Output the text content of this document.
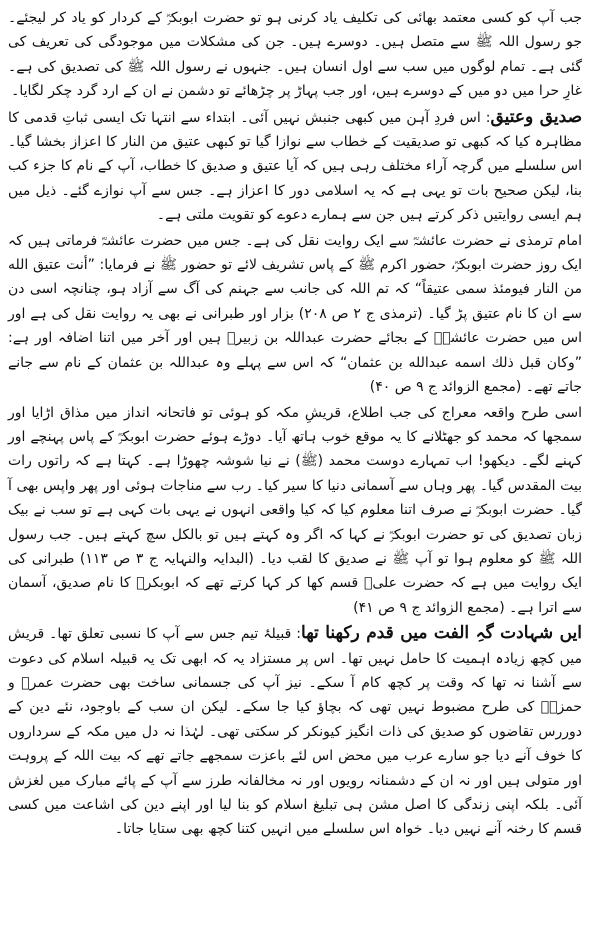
جب آپ کو کسی معتمد بھائی کی تکلیف یاد کرنی ہو تو حضرت ابوبکرؓ کے کردار کو یاد کر لیجئے۔ جو رسول اللہ ﷺ سے متصل ہیں۔ دوسرے ہیں۔ جن کی مشکلات میں موجودگی کی تعریف کی گئی ہے۔ تمام لوگوں میں سب سے اول انسان ہیں۔ جنہوں نے رسول اللہ ﷺ کی تصدیق کی ہے۔ غارِ حرا میں دو میں کے دوسرے ہیں، اور جب پہاڑ پر چڑھائے تو دشمن نے ان کے ارد گرد چکر لگایا۔

صدیق وعتیق: اس فردِ آہن میں کبھی جنبش نہیں آئی۔ ابتداء سے انتہا تک ایسی ثباتِ قدمی کا مظاہرہ کیا کہ کبھی تو صدیقیت کے خطاب سے نوازا گیا تو کبھی عتیق من النار کا اعزاز بخشا گیا۔ اس سلسلے میں گرچہ آراء مختلف رہی ہیں کہ آیا عتیق و صدیق کا خطاب، آپ کے نام کا جزء کب بنا، لیکن صحیح بات تو یہی ہے کہ یہ اسلامی دور کا اعزاز ہے۔ جس سے آپ نوازے گئے۔ ذیل میں ہم ایسی روایتیں ذکر کرتے ہیں جن سے ہمارے دعوے کو تقویت ملتی ہے۔

امام ترمذی نے حضرت عائشہؓ سے ایک روایت نقل کی ہے۔ جس میں حضرت عائشہؓ فرماتی ہیں کہ ایک روز حضرت ابوبکرؓ، حضور اکرم ﷺ کے پاس تشریف لائے تو حضور ﷺ نے فرمایا: ”أنت عتیق الله من النار فیومئذ سمی عتیقاً“ کہ تم اللہ کی جانب سے جہنم کی آگ سے آزاد ہو، چنانچہ اسی دن سے ان کا نام عتیق پڑ گیا۔ (ترمذی ج ۲ ص ۲۰۸) بزار اور طبرانی نے بھی یہ روایت نقل کی ہے اور اس میں حضرت عائشہؓ کے بجائے حضرت عبداللہ بن زبیرؓ ہیں اور آخر میں اتنا اضافہ اور ہے: ”وکان قبل ذلك اسمه عبدالله بن عثمان“ کہ اس سے پہلے وہ عبداللہ بن عثمان کے نام سے جانے جاتے تھے۔ (مجمع الزوائد ج ۹ ص ۴۰)

اسی طرح واقعہ معراج کی جب اطلاع، قریشِ مکہ کو ہوئی تو فاتحانہ انداز میں مذاق اڑایا اور سمجھا کہ محمد کو جھٹلانے کا یہ موقع خوب ہاتھ آیا۔ دوڑے ہوئے حضرت ابوبکرؓ کے پاس پہنچے اور کہنے لگے۔ دیکھو! اب تمہارے دوست محمد (ﷺ) نے نیا شوشہ چھوڑا ہے۔ کہتا ہے کہ راتوں رات بیت المقدس گیا۔ پھر وہاں سے آسمانی دنیا کا سیر کیا۔ رب سے مناجات ہوئی اور پھر واپس بھی آ گیا۔ حضرت ابوبکرؓ نے صرف اتنا معلوم کیا کہ کیا واقعی انہوں نے یہی بات کہی ہے تو سب نے بیک زبان تصدیق کی تو حضرت ابوبکرؓ نے کہا کہ اگر وہ کہتے ہیں تو بالکل سچ کہتے ہیں۔ جب رسول اللہ ﷺ کو معلوم ہوا تو آپ ﷺ نے صدیق کا لقب دیا۔ (البدایہ والنہایہ ج ۳ ص ۱۱۳) طبرانی کی ایک روایت میں ہے کہ حضرت علیؓ قسم کھا کر کہا کرتے تھے کہ ابوبکرؓ کا نام صدیق، آسمان سے اترا ہے۔ (مجمع الزوائد ج ۹ ص ۴۱)

ایں شہادت گہِ الفت میں قدم رکھنا تھا: قبیلۂ تیم جس سے آپ کا نسبی تعلق تھا۔ قریش میں کچھ زیادہ اہمیت کا حامل نہیں تھا۔ اس پر مستزاد یہ کہ ابھی تک یہ قبیلہ اسلام کی دعوت سے آشنا نہ تھا کہ وقت پر کچھ کام آ سکے۔ نیز آپ کی جسمانی ساخت بھی حضرت عمرؓ و حمزہؓ کی طرح مضبوط نہیں تھی کہ بچاؤ کیا جا سکے۔ لیکن ان سب کے باوجود، نئے دین کے دوررس تقاضوں کو صدیق کی ذات انگیز کیونکر کر سکتی تھی۔ لہٰذا نہ دل میں مکہ کے سرداروں کا خوف آنے دیا جو سارے عرب میں محض اس لئے باعزت سمجھے جاتے تھے کہ بیت اللہ کے پروہت اور متولی ہیں اور نہ ان کے دشمنانہ رویوں اور نہ مخالفانہ طرز سے آپ کے پائے مبارک میں لغزش آئی۔ بلکہ اپنی زندگی کا اصل مشن ہی تبلیغ اسلام کو بنا لیا اور اپنے دین کی اشاعت میں کسی قسم کا رخنہ آنے نہیں دیا۔ خواہ اس سلسلے میں انہیں کتنا کچھ بھی ستایا جاتا۔
